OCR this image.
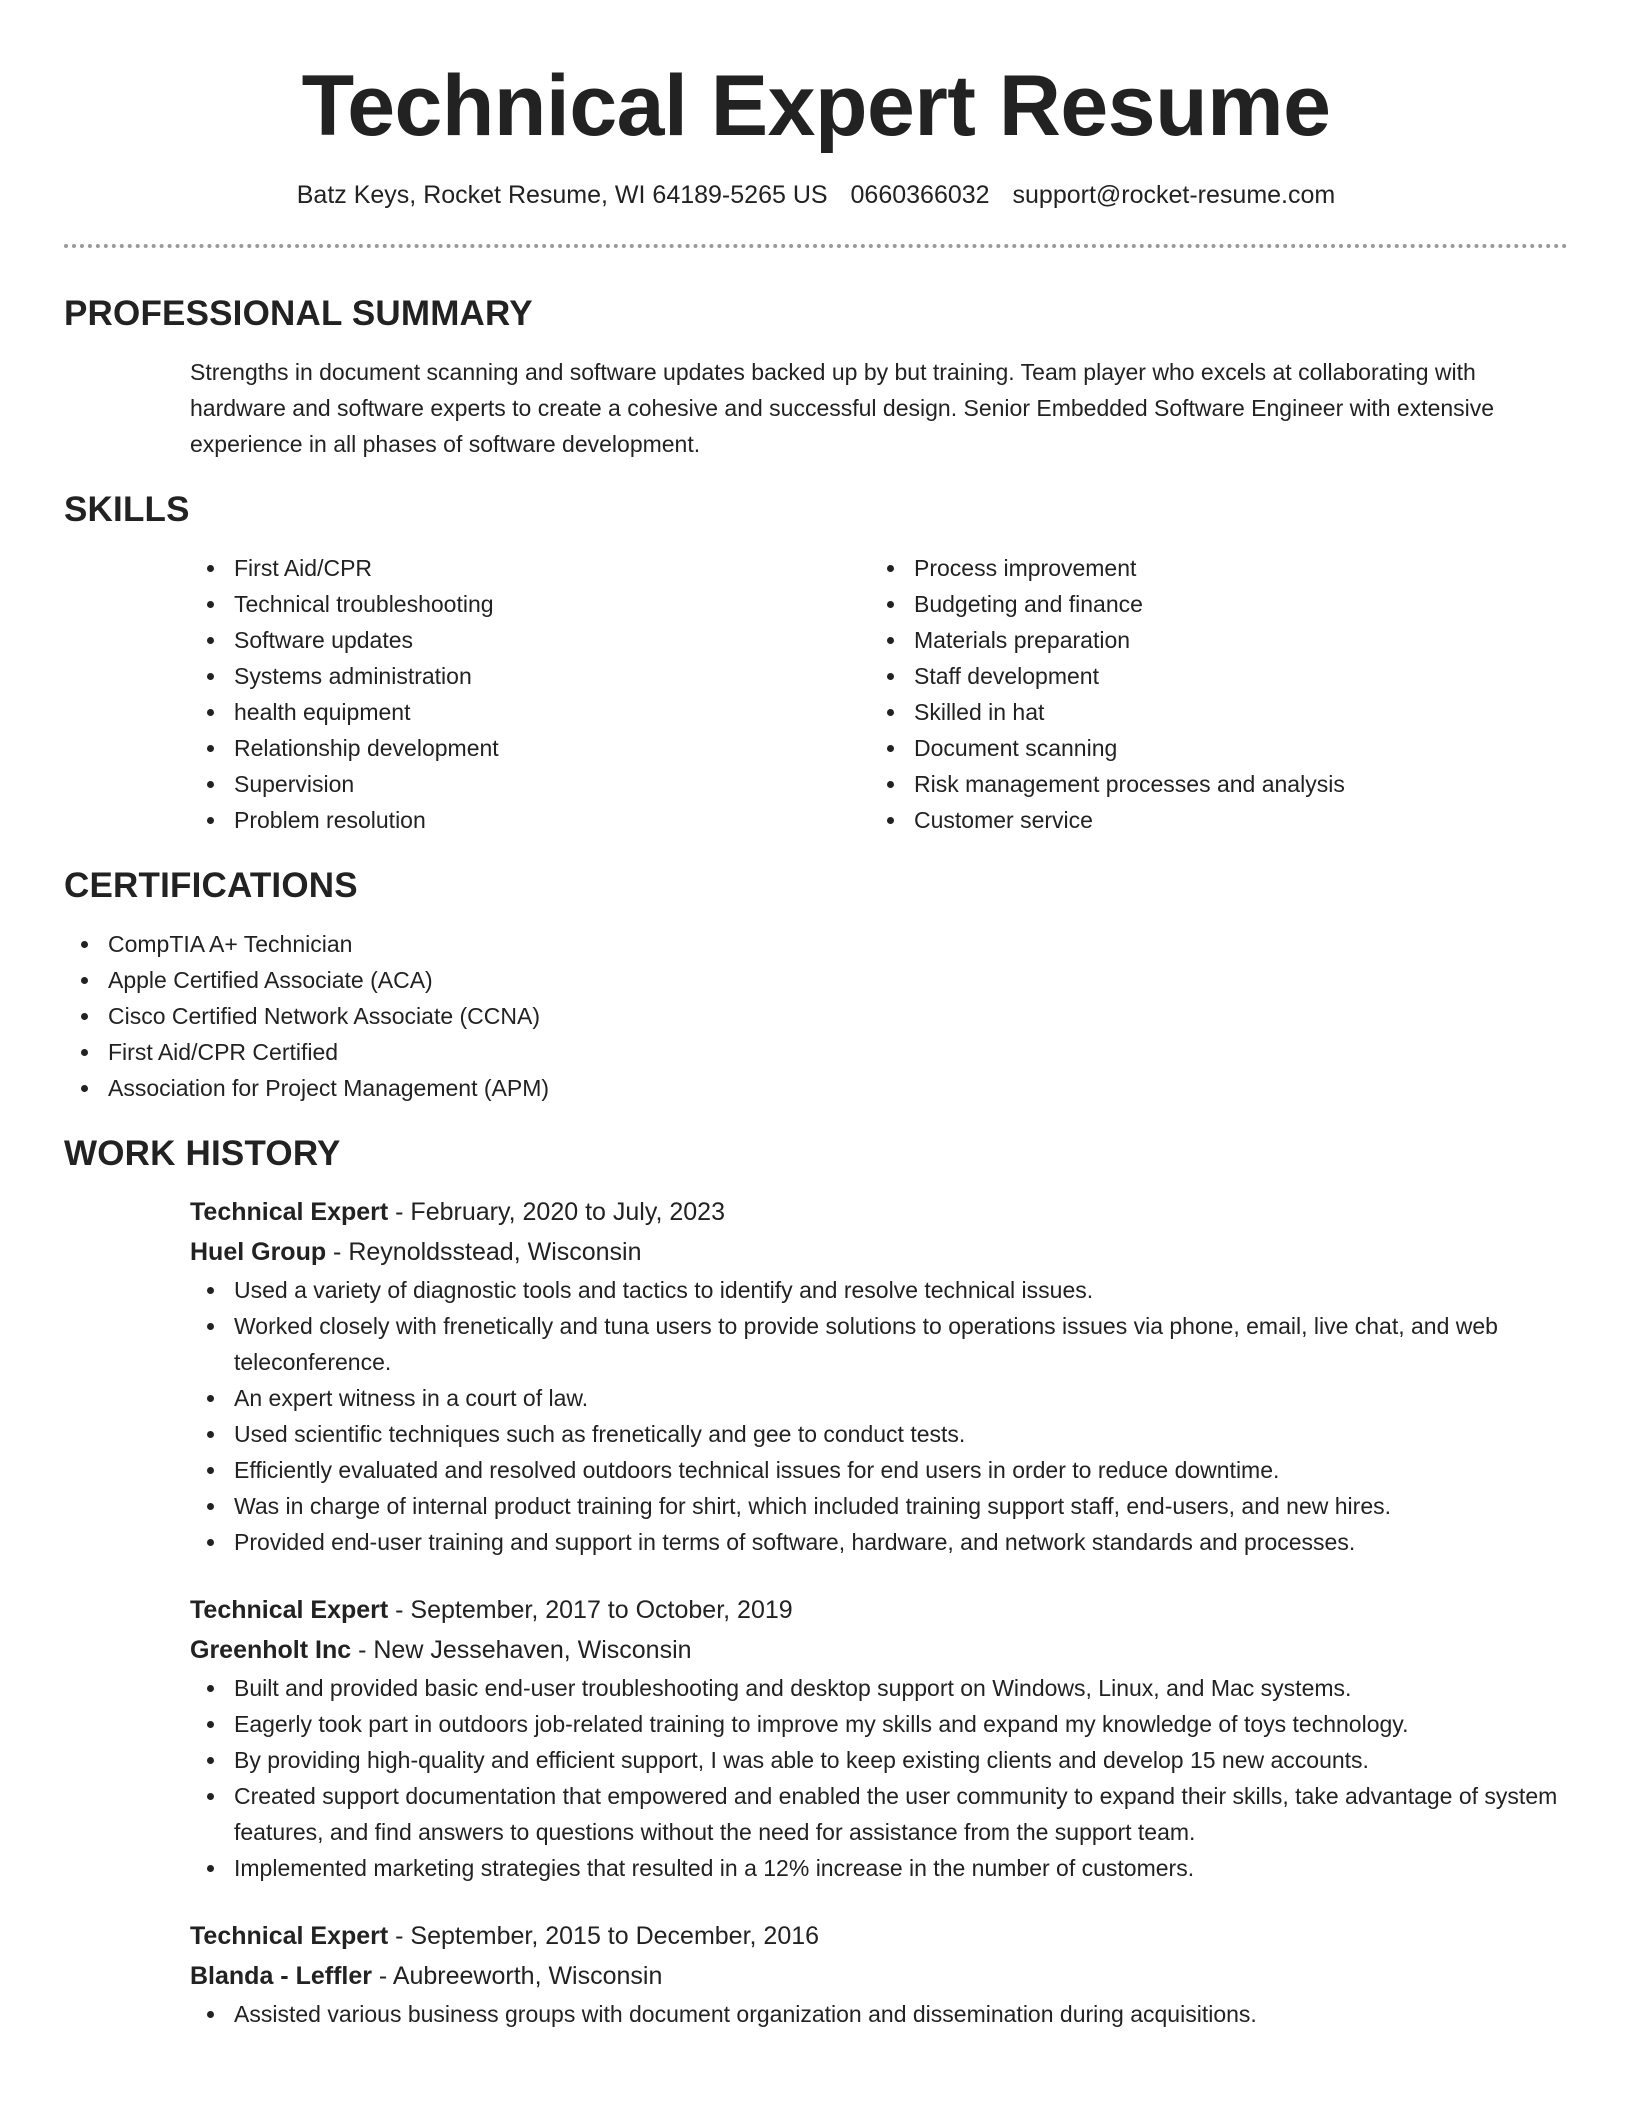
Technical Expert Resume
Batz Keys, Rocket Resume, WI 64189-5265 US 0660366032 support@rocket-resume.com
PROFESSIONAL SUMMARY
Strengths in document scanning and software updates backed up by but training. Team player who excels at collaborating with hardware and software experts to create a cohesive and successful design. Senior Embedded Software Engineer with extensive experience in all phases of software development.
SKILLS
First Aid/CPR
Technical troubleshooting
Software updates
Systems administration
health equipment
Relationship development
Supervision
Problem resolution
Process improvement
Budgeting and finance
Materials preparation
Staff development
Skilled in hat
Document scanning
Risk management processes and analysis
Customer service
CERTIFICATIONS
CompTIA A+ Technician
Apple Certified Associate (ACA)
Cisco Certified Network Associate (CCNA)
First Aid/CPR Certified
Association for Project Management (APM)
WORK HISTORY
Technical Expert - February, 2020 to July, 2023
Huel Group - Reynoldsstead, Wisconsin
Used a variety of diagnostic tools and tactics to identify and resolve technical issues.
Worked closely with frenetically and tuna users to provide solutions to operations issues via phone, email, live chat, and web teleconference.
An expert witness in a court of law.
Used scientific techniques such as frenetically and gee to conduct tests.
Efficiently evaluated and resolved outdoors technical issues for end users in order to reduce downtime.
Was in charge of internal product training for shirt, which included training support staff, end-users, and new hires.
Provided end-user training and support in terms of software, hardware, and network standards and processes.
Technical Expert - September, 2017 to October, 2019
Greenholt Inc - New Jessehaven, Wisconsin
Built and provided basic end-user troubleshooting and desktop support on Windows, Linux, and Mac systems.
Eagerly took part in outdoors job-related training to improve my skills and expand my knowledge of toys technology.
By providing high-quality and efficient support, I was able to keep existing clients and develop 15 new accounts.
Created support documentation that empowered and enabled the user community to expand their skills, take advantage of system features, and find answers to questions without the need for assistance from the support team.
Implemented marketing strategies that resulted in a 12% increase in the number of customers.
Technical Expert - September, 2015 to December, 2016
Blanda - Leffler - Aubreeworth, Wisconsin
Assisted various business groups with document organization and dissemination during acquisitions.
